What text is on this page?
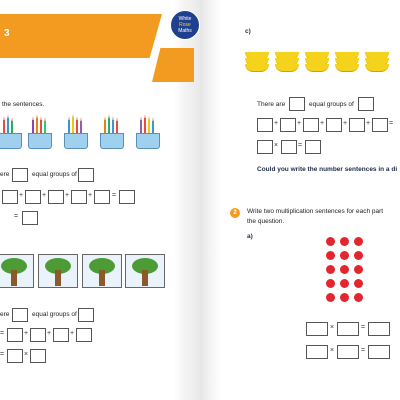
3
the sentences.
ere	equal groups of
+	+	+	+	=
=
ere	equal groups of
=	+	+	+
=	×
White
Rose
Maths	c)
There are	equal groups of
+	+	+	+	+	=
×	=
Could you write the number sentences in a di
Write two multiplication sentences for each part
the question.
a)
×	=
×	=
2
